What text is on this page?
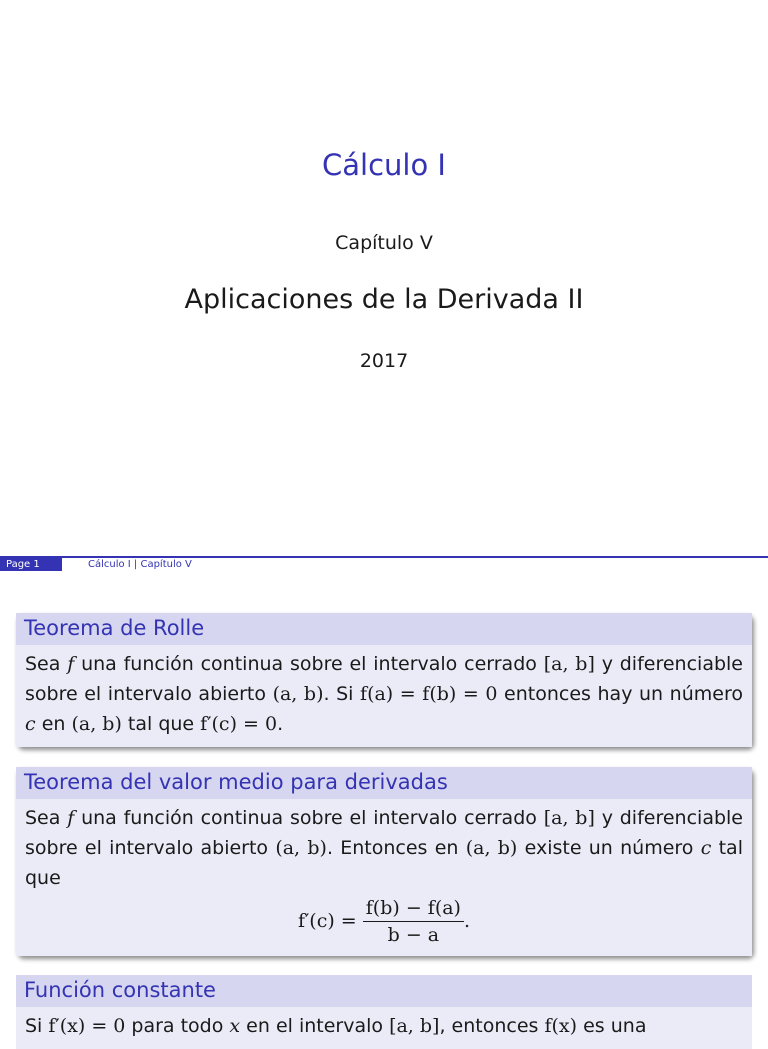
Cálculo I
Capítulo V
Aplicaciones de la Derivada II
2017
Page 1	Cálculo I | Capítulo V
Teorema de Rolle
Sea f una función continua sobre el intervalo cerrado [a, b] y diferenciable sobre el intervalo abierto (a, b). Si f(a) = f(b) = 0 entonces hay un número c en (a, b) tal que f′(c) = 0.
Teorema del valor medio para derivadas
Sea f una función continua sobre el intervalo cerrado [a, b] y diferenciable sobre el intervalo abierto (a, b). Entonces en (a, b) existe un número c tal que
$f'(c) = \frac{f(b) - f(a)}{b - a}$ .
Función constante
Si f′(x) = 0 para todo x en el intervalo [a, b], entonces f(x) es una
